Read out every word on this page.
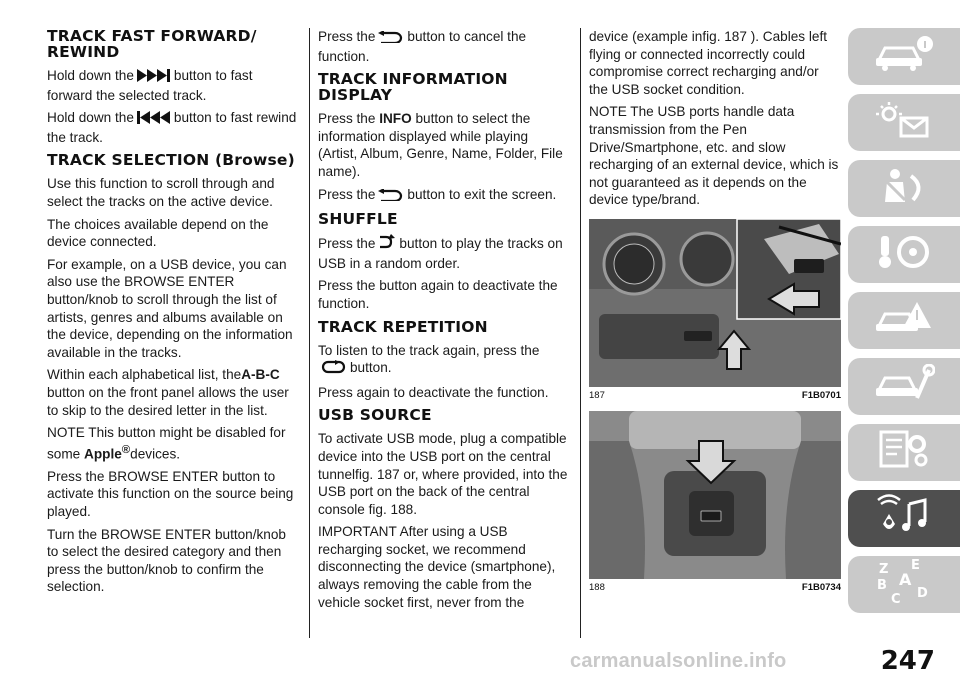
TRACK FAST FORWARD/ REWIND

Hold down the	button to fast forward the selected track.

Hold down the	button to fast rewind the track.

TRACK SELECTION (Browse)

Use this function to scroll through and select the tracks on the active device.

The choices available depend on the device connected.

For example, on a USB device, you can also use the BROWSE ENTER button/knob to scroll through the list of artists, genres and albums available on the device, depending on the information available in the tracks.

Within each alphabetical list, theA-B-C button on the front panel allows the user to skip to the desired letter in the list.

NOTE This button might be disabled for some Apple®devices.

Press the BROWSE ENTER button to activate this function on the source being played.

Turn the BROWSE ENTER button/knob to select the desired category and then press the button/knob to confirm the selection.

Press the button to cancel the function.

TRACK INFORMATION DISPLAY

Press the INFO button to select the information displayed while playing (Artist, Album, Genre, Name, Folder, File name).

Press the button to exit the screen.

SHUFFLE

Press the button to play the tracks on USB in a random order.

Press the button again to deactivate the function.

TRACK REPETITION

To listen to the track again, press the
button.

Press again to deactivate the function.

USB SOURCE

To activate USB mode, plug a compatible device into the USB port on the central tunnelfig. 187 or, where provided, into the USB port on the back of the central console fig. 188.

IMPORTANT After using a USB recharging socket, we recommend disconnecting the device (smartphone), always removing the cable from the vehicle socket first, never from the

device (example infig. 187 ). Cables left flying or connected incorrectly could compromise correct recharging and/or the USB socket condition.

NOTE The USB ports handle data transmission from the Pen Drive/Smartphone, etc. and slow recharging of an external device, which is not guaranteed as it depends on the device type/brand.

187	F1B0701
188	F1B0734
Z E
B A
C D
247
carmanualsonline.info
